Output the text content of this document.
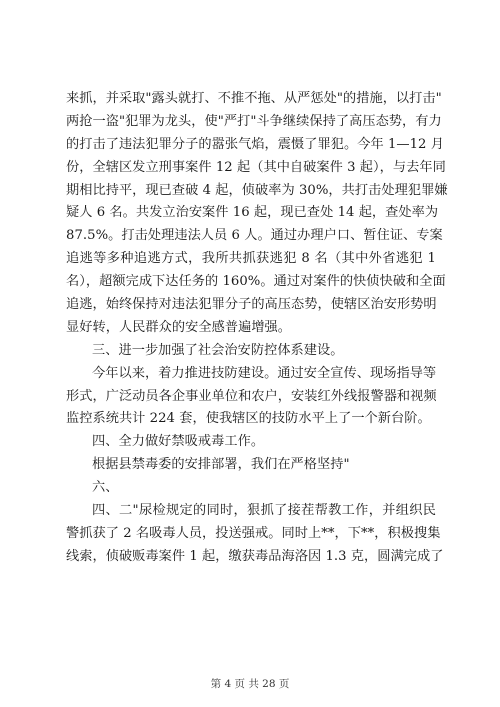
来抓，并采取"露头就打、不推不拖、从严惩处"的措施，以打击"
两抢一盗"犯罪为龙头，使"严打"斗争继续保持了高压态势，有力
的打击了违法犯罪分子的嚣张气焰，震慑了罪犯。今年 1—12 月
份，全辖区发立刑事案件 12 起（其中自破案件 3 起），与去年同
期相比持平，现已查破 4 起，侦破率为 30%，共打击处理犯罪嫌
疑人 6 名。共发立治安案件 16 起，现已查处 14 起，查处率为
87.5%。打击处理违法人员 6 人。通过办理户口、暂住证、专案
追逃等多种追逃方式，我所共抓获逃犯 8 名（其中外省逃犯 1
名），超额完成下达任务的 160%。通过对案件的快侦快破和全面
追逃，始终保持对违法犯罪分子的高压态势，使辖区治安形势明
显好转，人民群众的安全感普遍增强。
三、进一步加强了社会治安防控体系建设。
今年以来，着力推进技防建设。通过安全宣传、现场指导等
形式，广泛动员各企事业单位和农户，安装红外线报警器和视频
监控系统共计 224 套，使我辖区的技防水平上了一个新台阶。
四、全力做好禁吸戒毒工作。
根据县禁毒委的安排部署，我们在严格坚持"
六、
四、二"尿检规定的同时，狠抓了接茬帮教工作，并组织民
警抓获了 2 名吸毒人员，投送强戒。同时上**，下**，积极搜集
线索，侦破贩毒案件 1 起，缴获毒品海洛因 1.3 克，圆满完成了
第 4 页 共 28 页
